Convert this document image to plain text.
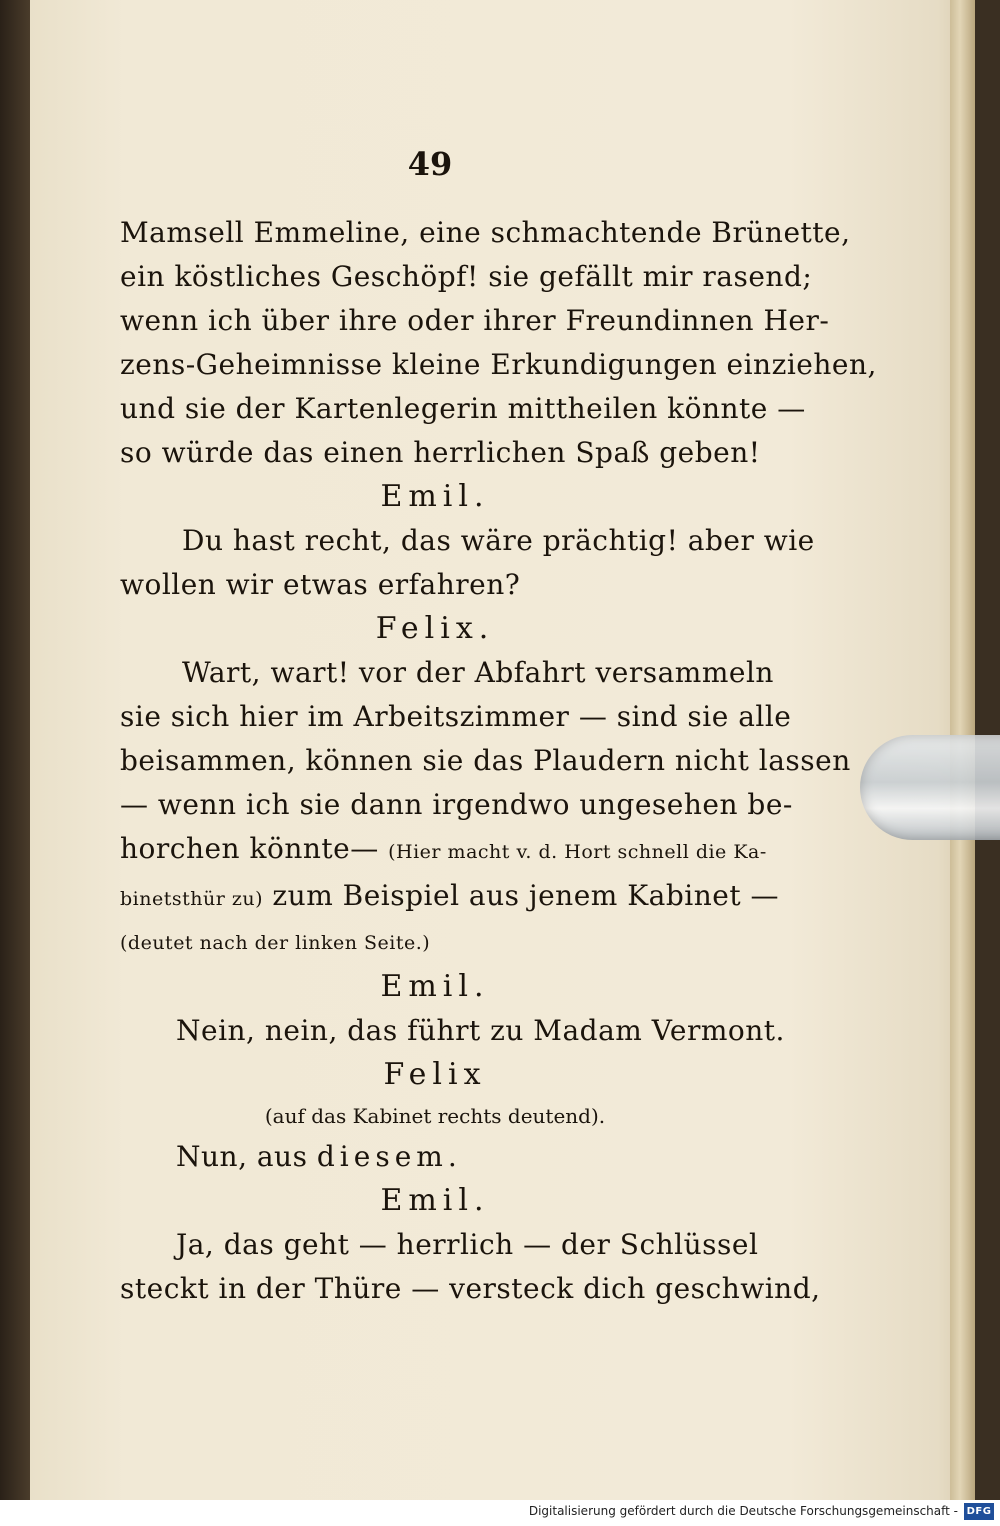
49
Mamsell Emmeline, eine schmachtende Brünette,
ein köstliches Geschöpf! sie gefällt mir rasend;
wenn ich über ihre oder ihrer Freundinnen Her-
zens-Geheimnisse kleine Erkundigungen einziehen,
und sie der Kartenlegerin mittheilen könnte —
so würde das einen herrlichen Spaß geben!
Emil.
Du hast recht, das wäre prächtig! aber wie
wollen wir etwas erfahren?
Felix.
Wart, wart! vor der Abfahrt versammeln
sie sich hier im Arbeitszimmer — sind sie alle
beisammen, können sie das Plaudern nicht lassen
— wenn ich sie dann irgendwo ungesehen be-
horchen könnte— (Hier macht v. d. Hort schnell die Ka-
binetsthür zu) zum Beispiel aus jenem Kabinet —
(deutet nach der linken Seite.)
Emil.
Nein, nein, das führt zu Madam Vermont.
Felix
(auf das Kabinet rechts deutend).
Nun, aus diesem.
Emil.
Ja, das geht — herrlich — der Schlüssel
steckt in der Thüre — versteck dich geschwind,
Digitalisierung gefördert durch die Deutsche Forschungsgemeinschaft - DFG
